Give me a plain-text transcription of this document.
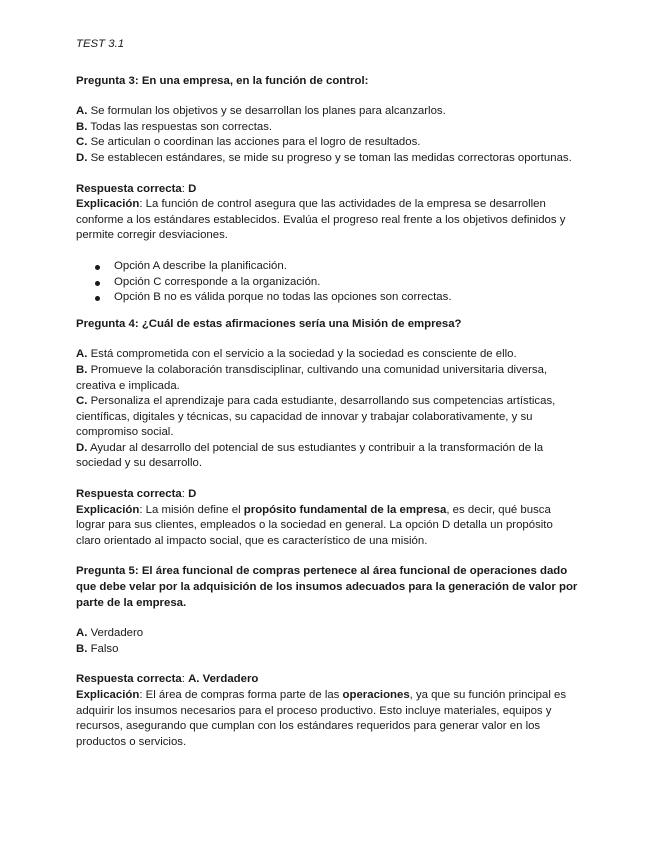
TEST 3.1

Pregunta 3: En una empresa, en la función de control:

A. Se formulan los objetivos y se desarrollan los planes para alcanzarlos.

B. Todas las respuestas son correctas.

C. Se articulan o coordinan las acciones para el logro de resultados.

D. Se establecen estándares, se mide su progreso y se toman las medidas correctoras oportunas.

Respuesta correcta: D

Explicación: La función de control asegura que las actividades de la empresa se desarrollen conforme a los estándares establecidos. Evalúa el progreso real frente a los objetivos definidos y permite corregir desviaciones.

Opción A describe la planificación.
Opción C corresponde a la organización.
Opción B no es válida porque no todas las opciones son correctas.

Pregunta 4: ¿Cuál de estas afirmaciones sería una Misión de empresa?

A. Está comprometida con el servicio a la sociedad y la sociedad es consciente de ello.

B. Promueve la colaboración transdisciplinar, cultivando una comunidad universitaria diversa, creativa e implicada.

C. Personaliza el aprendizaje para cada estudiante, desarrollando sus competencias artísticas, científicas, digitales y técnicas, su capacidad de innovar y trabajar colaborativamente, y su compromiso social.

D. Ayudar al desarrollo del potencial de sus estudiantes y contribuir a la transformación de la sociedad y su desarrollo.

Respuesta correcta: D

Explicación: La misión define el propósito fundamental de la empresa, es decir, qué busca lograr para sus clientes, empleados o la sociedad en general. La opción D detalla un propósito claro orientado al impacto social, que es característico de una misión.

Pregunta 5: El área funcional de compras pertenece al área funcional de operaciones dado que debe velar por la adquisición de los insumos adecuados para la generación de valor por parte de la empresa.

A. Verdadero

B. Falso

Respuesta correcta: A. Verdadero

Explicación: El área de compras forma parte de las operaciones, ya que su función principal es adquirir los insumos necesarios para el proceso productivo. Esto incluye materiales, equipos y recursos, asegurando que cumplan con los estándares requeridos para generar valor en los productos o servicios.
